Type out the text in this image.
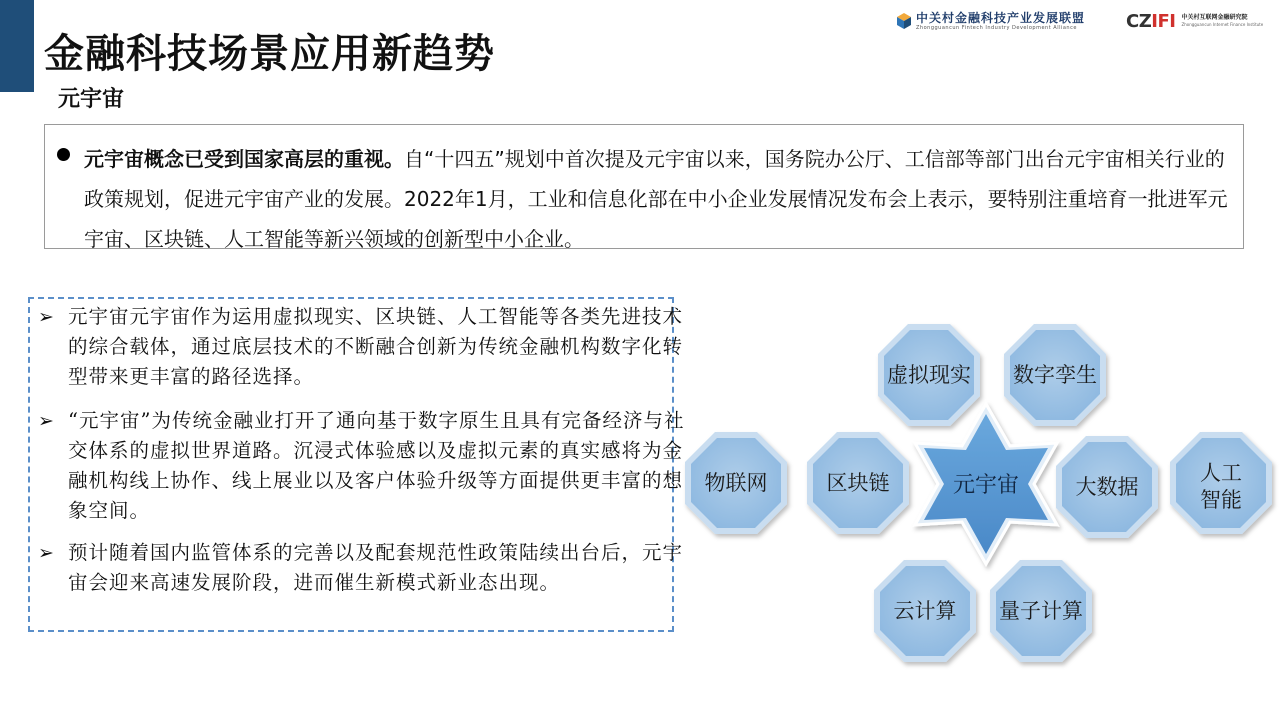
金融科技场景应用新趋势
元宇宙
中关村金融科技产业发展联盟
Zhongguancun Fintech Industry Development Alliance	CZIFI 中关村互联网金融研究院
Zhongguancun Internet Finance Institute

元宇宙概念已受到国家高层的重视。自“十四五”规划中首次提及元宇宙以来，国务院办公厅、工信部等部门出台元宇宙相关行业的政策规划，促进元宇宙产业的发展。2022年1月，工业和信息化部在中小企业发展情况发布会上表示，要特别注重培育一批进军元宇宙、区块链、人工智能等新兴领域的创新型中小企业。

➢ 元宇宙元宇宙作为运用虚拟现实、区块链、人工智能等各类先进技术的综合载体，通过底层技术的不断融合创新为传统金融机构数字化转型带来更丰富的路径选择。
➢ “元宇宙”为传统金融业打开了通向基于数字原生且具有完备经济与社交体系的虚拟世界道路。沉浸式体验感以及虚拟元素的真实感将为金融机构线上协作、线上展业以及客户体验升级等方面提供更丰富的想象空间。
➢ 预计随着国内监管体系的完善以及配套规范性政策陆续出台后，元宇宙会迎来高速发展阶段，进而催生新模式新业态出现。
虚拟现实 数字孪生
物联网	区块链	大数据
人工
智能
云计算 量子计算
元宇宙
